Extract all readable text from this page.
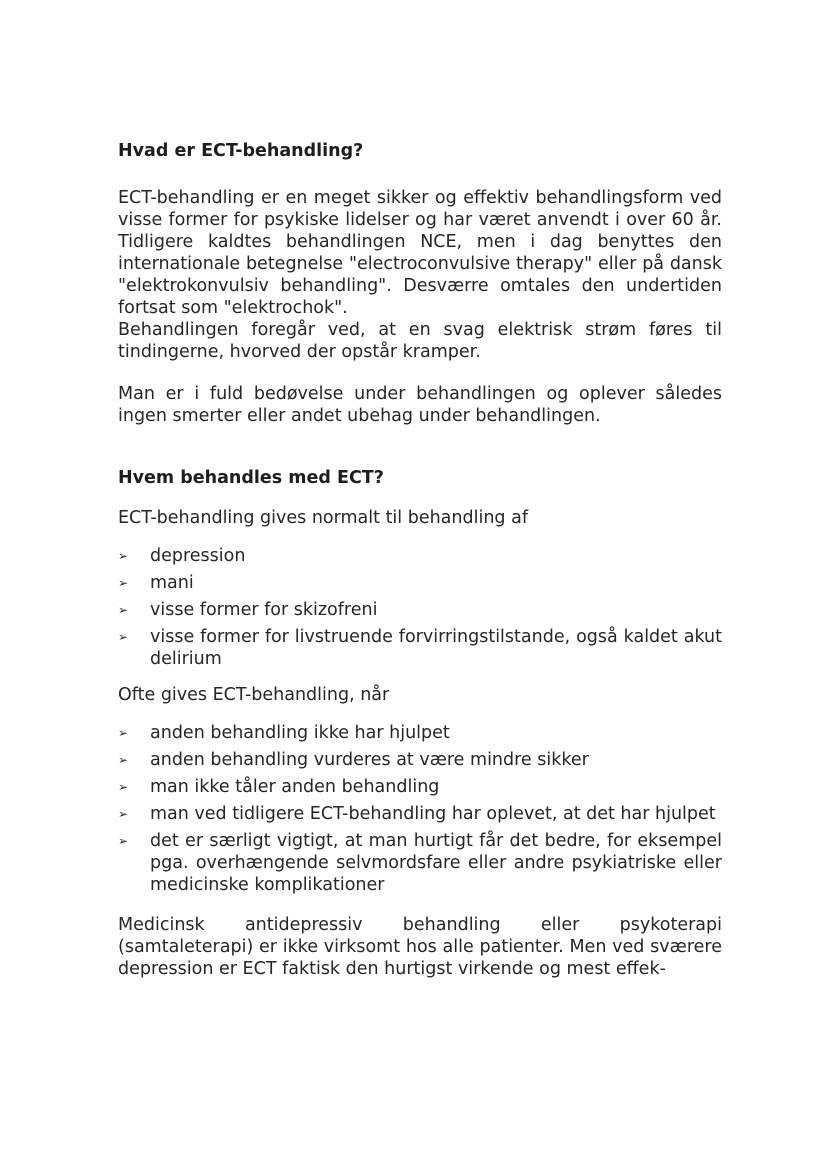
Hvad er ECT-behandling?

ECT-behandling er en meget sikker og effektiv behandlingsform ved visse former for psykiske lidelser og har været anvendt i over 60 år. Tidligere kaldtes behandlingen NCE, men i dag benyttes den internationale betegnelse "electroconvulsive therapy" eller på dansk "elektrokonvulsiv behandling". Desværre omtales den undertiden fortsat som "elektrochok".

Behandlingen foregår ved, at en svag elektrisk strøm føres til tindingerne, hvorved der opstår kramper.

Man er i fuld bedøvelse under behandlingen og oplever således ingen smerter eller andet ubehag under behandlingen.

Hvem behandles med ECT?

ECT-behandling gives normalt til behandling af

➢ depression
➢ mani
➢ visse former for skizofreni
➢ visse former for livstruende forvirringstilstande, også kaldet akut delirium

Ofte gives ECT-behandling, når

➢ anden behandling ikke har hjulpet
➢ anden behandling vurderes at være mindre sikker
➢ man ikke tåler anden behandling
➢ man ved tidligere ECT-behandling har oplevet, at det har hjulpet
➢ det er særligt vigtigt, at man hurtigt får det bedre, for eksempel pga. overhængende selvmordsfare eller andre psykiatriske eller medicinske komplikationer

Medicinsk antidepressiv behandling eller psykoterapi (samtaleterapi) er ikke virksomt hos alle patienter. Men ved sværere depression er ECT faktisk den hurtigst virkende og mest effek-
